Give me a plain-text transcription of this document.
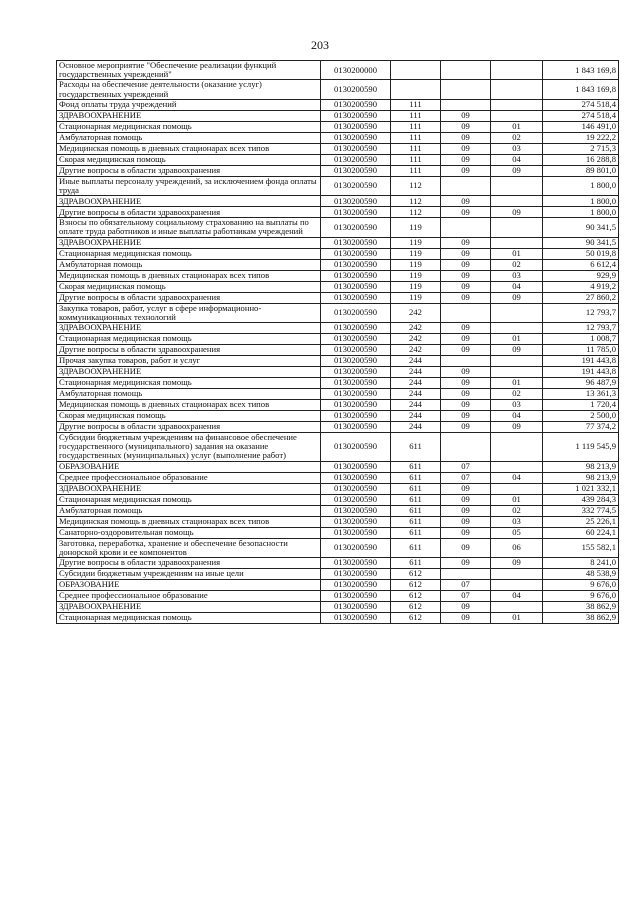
203
Основное мероприятие "Обеспечение реализации функций государственных учреждений"	0130200000				1 843 169,8
Расходы на обеспечение деятельности (оказание услуг) государственных учреждений	0130200590				1 843 169,8
Фонд оплаты труда учреждений	0130200590	111			274 518,4
ЗДРАВООХРАНЕНИЕ	0130200590	111	09		274 518,4
Стационарная медицинская помощь	0130200590	111	09	01	146 491,0
Амбулаторная помощь	0130200590	111	09	02	19 222,2
Медицинская помощь в дневных стационарах всех типов	0130200590	111	09	03	2 715,3
Скорая медицинская помощь	0130200590	111	09	04	16 288,8
Другие вопросы в области здравоохранения	0130200590	111	09	09	89 801,0
Иные выплаты персоналу учреждений, за исключением фонда оплаты труда	0130200590	112			1 800,0
ЗДРАВООХРАНЕНИЕ	0130200590	112	09		1 800,0
Другие вопросы в области здравоохранения	0130200590	112	09	09	1 800,0
Взносы по обязательному социальному страхованию на выплаты по оплате труда работников и иные выплаты работникам учреждений	0130200590	119			90 341,5
ЗДРАВООХРАНЕНИЕ	0130200590	119	09		90 341,5
Стационарная медицинская помощь	0130200590	119	09	01	50 019,8
Амбулаторная помощь	0130200590	119	09	02	6 612,4
Медицинская помощь в дневных стационарах всех типов	0130200590	119	09	03	929,9
Скорая медицинская помощь	0130200590	119	09	04	4 919,2
Другие вопросы в области здравоохранения	0130200590	119	09	09	27 860,2
Закупка товаров, работ, услуг в сфере информационно-коммуникационных технологий	0130200590	242			12 793,7
ЗДРАВООХРАНЕНИЕ	0130200590	242	09		12 793,7
Стационарная медицинская помощь	0130200590	242	09	01	1 008,7
Другие вопросы в области здравоохранения	0130200590	242	09	09	11 785,0
Прочая закупка товаров, работ и услуг	0130200590	244			191 443,8
ЗДРАВООХРАНЕНИЕ	0130200590	244	09		191 443,8
Стационарная медицинская помощь	0130200590	244	09	01	96 487,9
Амбулаторная помощь	0130200590	244	09	02	13 361,3
Медицинская помощь в дневных стационарах всех типов	0130200590	244	09	03	1 720,4
Скорая медицинская помощь	0130200590	244	09	04	2 500,0
Другие вопросы в области здравоохранения	0130200590	244	09	09	77 374,2
Субсидии бюджетным учреждениям на финансовое обеспечение государственного (муниципального) задания на оказание государственных (муниципальных) услуг (выполнение работ)	0130200590	611			1 119 545,9
ОБРАЗОВАНИЕ	0130200590	611	07		98 213,9
Среднее профессиональное образование	0130200590	611	07	04	98 213,9
ЗДРАВООХРАНЕНИЕ	0130200590	611	09		1 021 332,1
Стационарная медицинская помощь	0130200590	611	09	01	439 284,3
Амбулаторная помощь	0130200590	611	09	02	332 774,5
Медицинская помощь в дневных стационарах всех типов	0130200590	611	09	03	25 226,1
Санаторно-оздоровительная помощь	0130200590	611	09	05	60 224,1
Заготовка, переработка, хранение и обеспечение безопасности донорской крови и ее компонентов	0130200590	611	09	06	155 582,1
Другие вопросы в области здравоохранения	0130200590	611	09	09	8 241,0
Субсидии бюджетным учреждениям на иные цели	0130200590	612			48 538,9
ОБРАЗОВАНИЕ	0130200590	612	07		9 676,0
Среднее профессиональное образование	0130200590	612	07	04	9 676,0
ЗДРАВООХРАНЕНИЕ	0130200590	612	09		38 862,9
Стационарная медицинская помощь	0130200590	612	09	01	38 862,9
